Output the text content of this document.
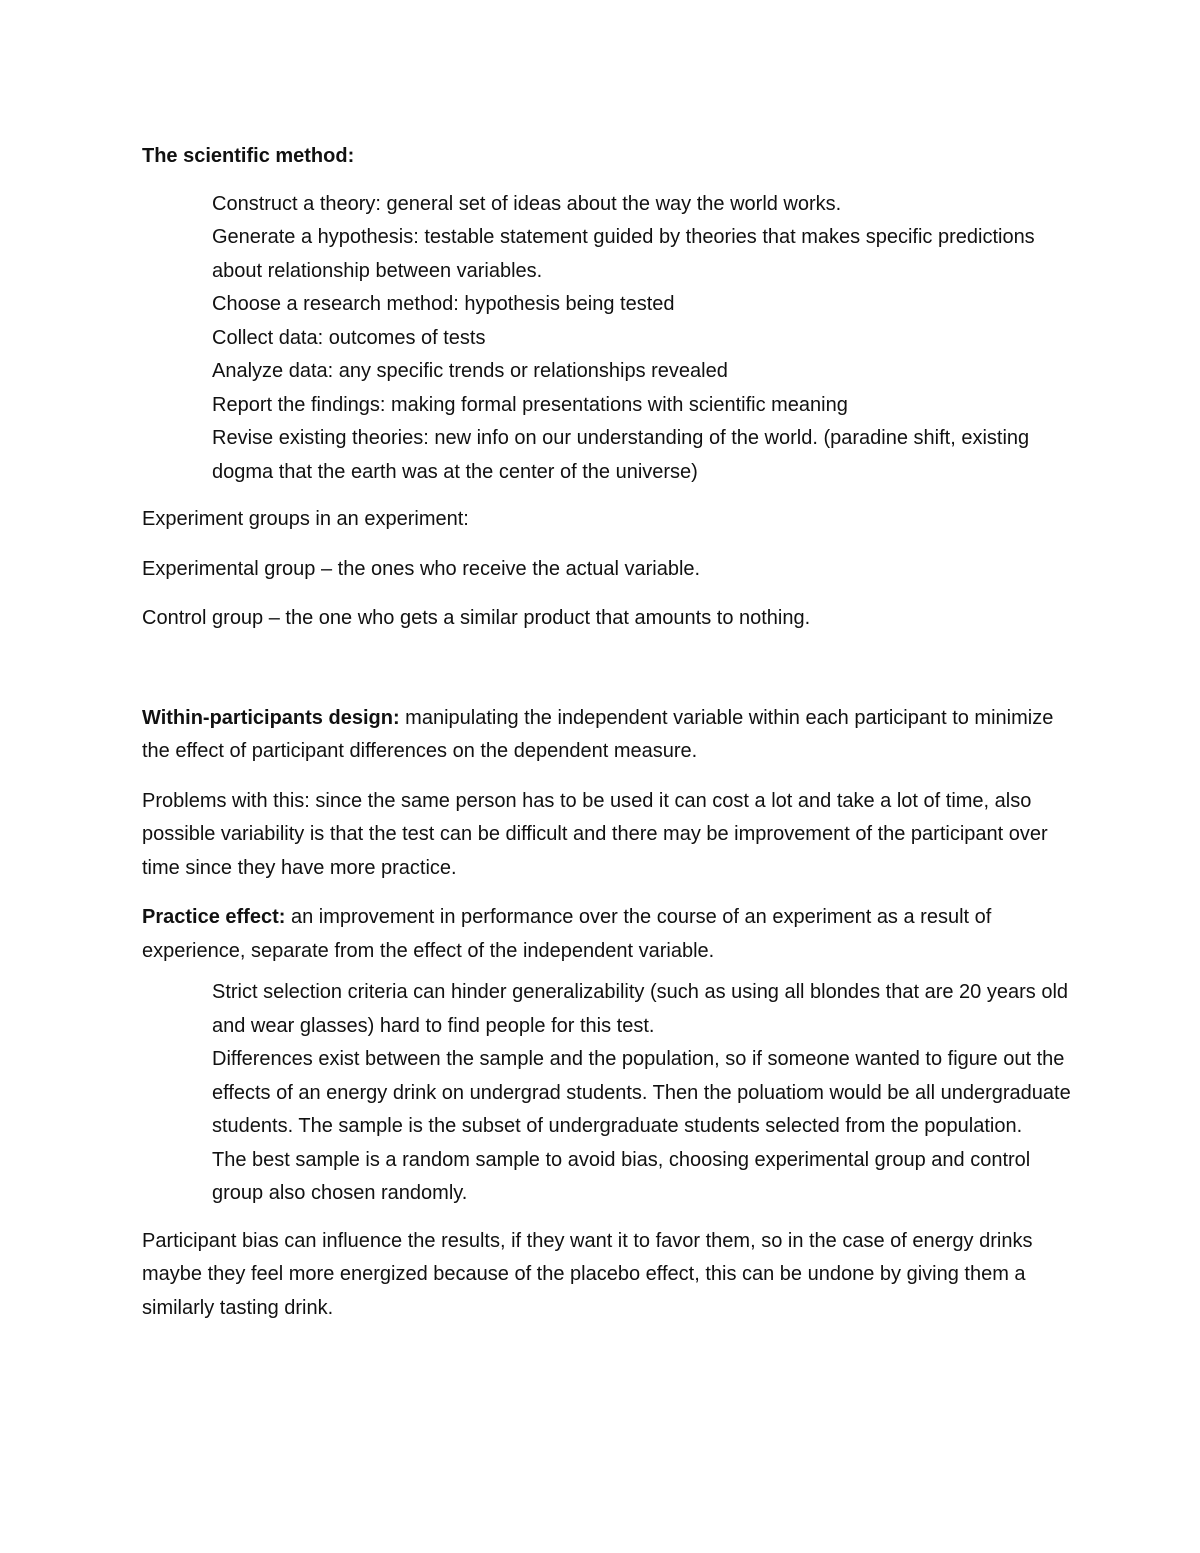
The scientific method:
Construct a theory: general set of ideas about the way the world works.
Generate a hypothesis: testable statement guided by theories that makes specific predictions about relationship between variables.
Choose a research method: hypothesis being tested
Collect data: outcomes of tests
Analyze data: any specific trends or relationships revealed
Report the findings: making formal presentations with scientific meaning
Revise existing theories: new info on our understanding of the world. (paradine shift, existing dogma that the earth was at the center of the universe)

Experiment groups in an experiment:

Experimental group – the ones who receive the actual variable.

Control group – the one who gets a similar product that amounts to nothing.

Within-participants design: manipulating the independent variable within each participant to minimize the effect of participant differences on the dependent measure.

Problems with this: since the same person has to be used it can cost a lot and take a lot of time, also possible variability is that the test can be difficult and there may be improvement of the participant over time since they have more practice.

Practice effect: an improvement in performance over the course of an experiment as a result of experience, separate from the effect of the independent variable.

Strict selection criteria can hinder generalizability (such as using all blondes that are 20 years old and wear glasses) hard to find people for this test.
Differences exist between the sample and the population, so if someone wanted to figure out the effects of an energy drink on undergrad students. Then the poluatiom would be all undergraduate students. The sample is the subset of undergraduate students selected from the population.
The best sample is a random sample to avoid bias, choosing experimental group and control group also chosen randomly.

Participant bias can influence the results, if they want it to favor them, so in the case of energy drinks maybe they feel more energized because of the placebo effect, this can be undone by giving them a similarly tasting drink.
